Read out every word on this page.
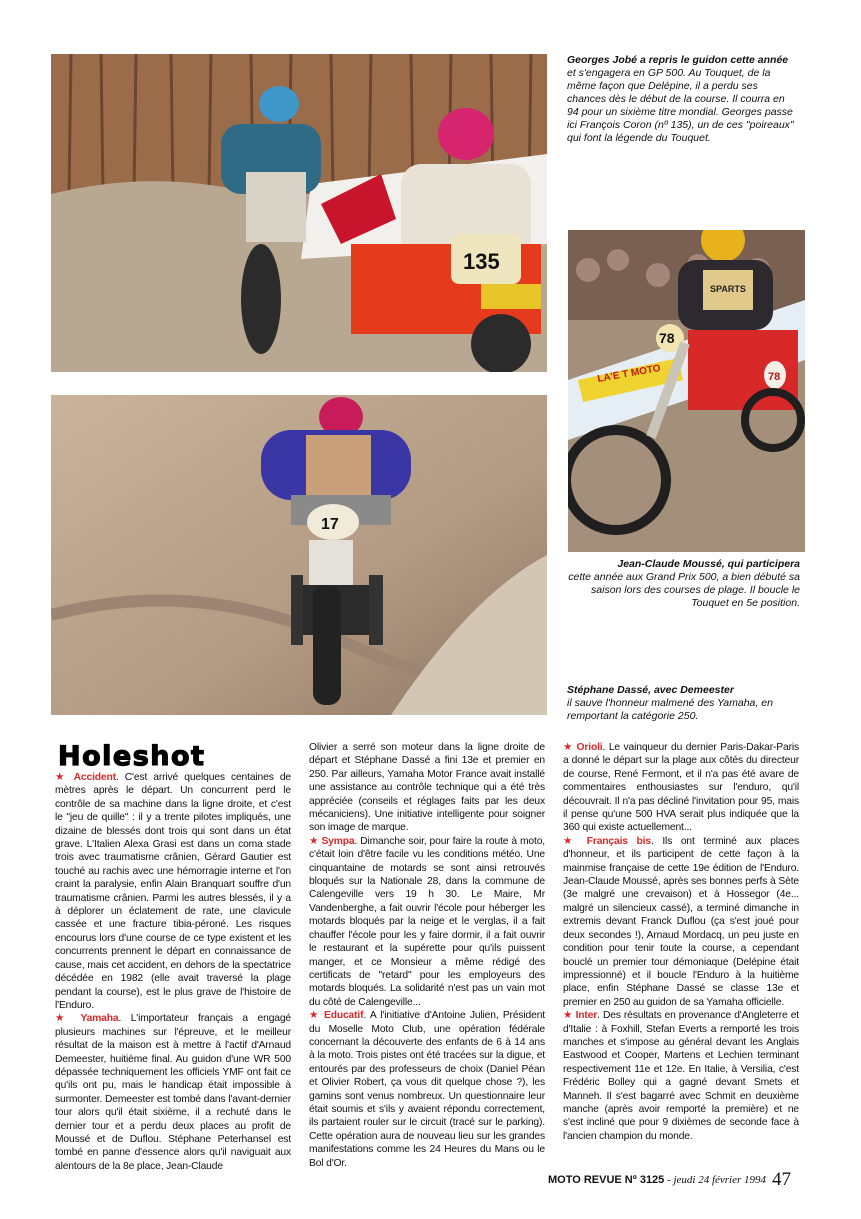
135
Georges Jobé a repris le guidon cette année
et s'engagera en GP 500. Au Touquet, de la même façon que Delépine, il a perdu ses chances dès le début de la course. Il courra en 94 pour un sixième titre mondial. Georges passe ici François Coron (nº 135), un de ces "poireaux" qui font la légende du Touquet.
LA'E T MOTO
SPARTS
78
78
Jean-Claude Moussé, qui participera
cette année aux Grand Prix 500, a bien débuté sa saison lors des courses de plage. Il boucle le Touquet en 5e position.
17
Stéphane Dassé, avec Demeester
il sauve l'honneur malmené des Yamaha, en remportant la catégorie 250.
Holeshot

★ Accident. C'est arrivé quelques centaines de mètres après le départ. Un concurrent perd le contrôle de sa machine dans la ligne droite, et c'est le "jeu de quille" : il y a trente pilotes impliqués, une dizaine de blessés dont trois qui sont dans un état grave. L'Italien Alexa Grasi est dans un coma stade trois avec traumatisme crânien, Gérard Gautier est touché au rachis avec une hémorragie interne et l'on craint la paralysie, enfin Alain Branquart souffre d'un traumatisme crânien. Parmi les autres blessés, il y a à déplorer un éclatement de rate, une clavicule cassée et une fracture tibia-péroné. Les risques encourus lors d'une course de ce type existent et les concurrents prennent le départ en connaissance de cause, mais cet accident, en dehors de la spectatrice décédée en 1982 (elle avait traversé la plage pendant la course), est le plus grave de l'histoire de l'Enduro.

★ Yamaha. L'importateur français a engagé plusieurs machines sur l'épreuve, et le meilleur résultat de la maison est à mettre à l'actif d'Arnaud Demeester, huitième final. Au guidon d'une WR 500 dépassée techniquement les officiels YMF ont fait ce qu'ils ont pu, mais le handicap était impossible à surmonter. Demeester est tombé dans l'avant-dernier tour alors qu'il était sixième, il a rechuté dans le dernier tour et a perdu deux places au profit de Moussé et de Duflou. Stéphane Peterhansel est tombé en panne d'essence alors qu'il naviguait aux alentours de la 8e place, Jean-Claude

Olivier a serré son moteur dans la ligne droite de départ et Stéphane Dassé a fini 13e et premier en 250. Par ailleurs, Yamaha Motor France avait installé une assistance au contrôle technique qui a été très appréciée (conseils et réglages faits par les deux mécaniciens). Une initiative intelligente pour soigner son image de marque.

★ Sympa. Dimanche soir, pour faire la route à moto, c'était loin d'être facile vu les conditions météo. Une cinquantaine de motards se sont ainsi retrouvés bloqués sur la Nationale 28, dans la commune de Calengeville vers 19 h 30. Le Maire, Mr Vandenberghe, a fait ouvrir l'école pour héberger les motards bloqués par la neige et le verglas, il a fait chauffer l'école pour les y faire dormir, il a fait ouvrir le restaurant et la supérette pour qu'ils puissent manger, et ce Monsieur a même rédigé des certificats de "retard" pour les employeurs des motards bloqués. La solidarité n'est pas un vain mot du côté de Calengeville...

★ Educatif. A l'initiative d'Antoine Julien, Président du Moselle Moto Club, une opération fédérale concernant la découverte des enfants de 6 à 14 ans à la moto. Trois pistes ont été tracées sur la digue, et entourés par des professeurs de choix (Daniel Péan et Olivier Robert, ça vous dit quelque chose ?), les gamins sont venus nombreux. Un questionnaire leur était soumis et s'ils y avaient répondu correctement, ils partaient rouler sur le circuit (tracé sur le parking). Cette opération aura de nouveau lieu sur les grandes manifestations comme les 24 Heures du Mans ou le Bol d'Or.

★ Orioli. Le vainqueur du dernier Paris-Dakar-Paris a donné le départ sur la plage aux côtés du directeur de course, René Fermont, et il n'a pas été avare de commentaires enthousiastes sur l'enduro, qu'il découvrait. Il n'a pas décliné l'invitation pour 95, mais il pense qu'une 500 HVA serait plus indiquée que la 360 qui existe actuellement...

★ Français bis. Ils ont terminé aux places d'honneur, et ils participent de cette façon à la mainmise française de cette 19e édition de l'Enduro. Jean-Claude Moussé, après ses bonnes perfs à Sète (3e malgré une crevaison) et à Hossegor (4e... malgré un silencieux cassé), a terminé dimanche in extremis devant Franck Duflou (ça s'est joué pour deux secondes !), Arnaud Mordacq, un peu juste en condition pour tenir toute la course, a cependant bouclé un premier tour démoniaque (Delépine était impressionné) et il boucle l'Enduro à la huitième place, enfin Stéphane Dassé se classe 13e et premier en 250 au guidon de sa Yamaha officielle.

★ Inter. Des résultats en provenance d'Angleterre et d'Italie : à Foxhill, Stefan Everts a remporté les trois manches et s'impose au général devant les Anglais Eastwood et Cooper, Martens et Lechien terminant respectivement 11e et 12e. En Italie, à Versilia, c'est Frédéric Bolley qui a gagné devant Smets et Manneh. Il s'est bagarré avec Schmit en deuxième manche (après avoir remporté la première) et ne s'est incliné que pour 9 dixièmes de seconde face à l'ancien champion du monde.

MOTO REVUE Nº 3125 - jeudi 24 février 1994 47
